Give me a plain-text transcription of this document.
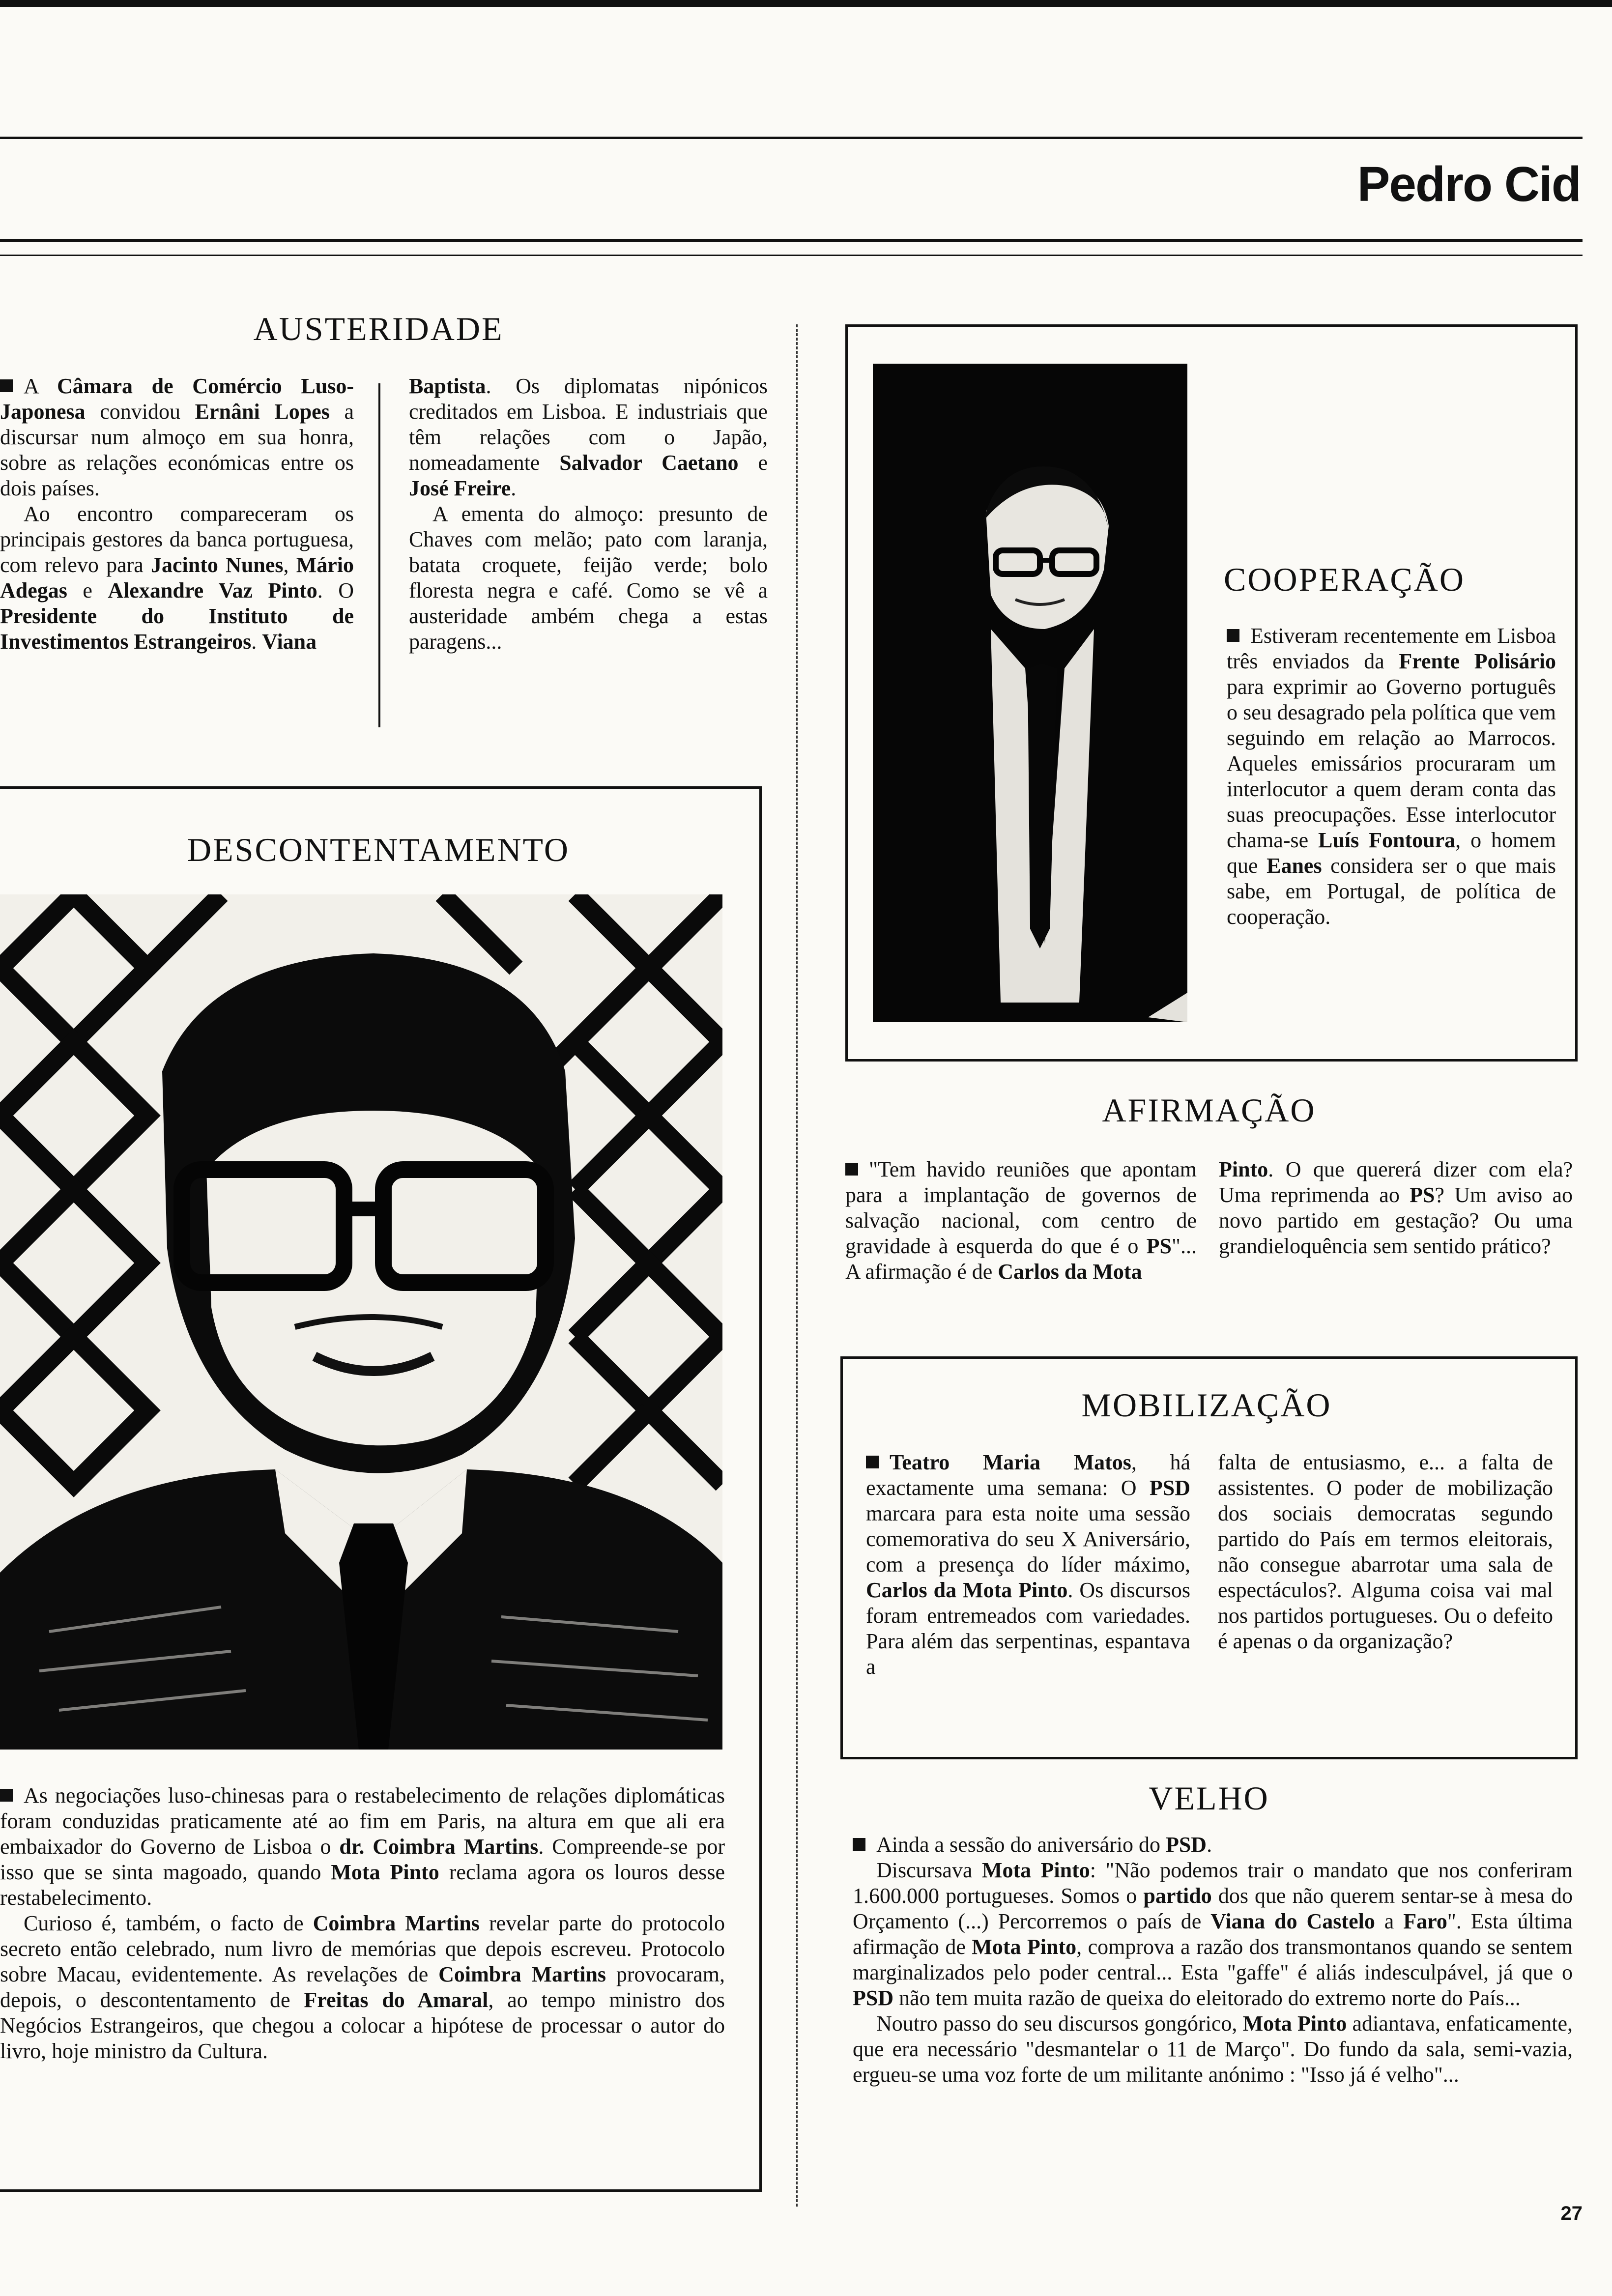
Pedro Cid
AUSTERIDADE

A Câmara de Comércio Luso-Japonesa convidou Ernâni Lopes a discursar num almoço em sua honra, sobre as relações económicas entre os dois países.

Ao encontro compareceram os principais gestores da banca portuguesa, com relevo para Jacinto Nunes, Mário Adegas e Alexandre Vaz Pinto. O Presidente do Instituto de Investimentos Estrangeiros. Viana

Baptista. Os diplomatas nipónicos creditados em Lisboa. E industriais que têm relações com o Japão, nomeadamente Salvador Caetano e José Freire.

A ementa do almoço: presunto de Chaves com melão; pato com laranja, batata croquete, feijão verde; bolo floresta negra e café. Como se vê a austeridade ambém chega a estas paragens...

COOPERAÇÃO

Estiveram recentemente em Lisboa três enviados da Frente Polisário para exprimir ao Governo português o seu desagrado pela política que vem seguindo em relação ao Marrocos. Aqueles emissários procuraram um interlocutor a quem deram conta das suas preocupações. Esse interlocutor chama-se Luís Fontoura, o homem que Eanes considera ser o que mais sabe, em Portugal, de política de cooperação.

DESCONTENTAMENTO

As negociações luso-chinesas para o restabelecimento de relações diplomáticas foram conduzidas praticamente até ao fim em Paris, na altura em que ali era embaixador do Governo de Lisboa o dr. Coimbra Martins. Compreende-se por isso que se sinta magoado, quando Mota Pinto reclama agora os louros desse restabelecimento.

Curioso é, também, o facto de Coimbra Martins revelar parte do protocolo secreto então celebrado, num livro de memórias que depois escreveu. Protocolo sobre Macau, evidentemente. As revelações de Coimbra Martins provocaram, depois, o descontentamento de Freitas do Amaral, ao tempo ministro dos Negócios Estrangeiros, que chegou a colocar a hipótese de processar o autor do livro, hoje ministro da Cultura.

AFIRMAÇÃO

"Tem havido reuniões que apontam para a implantação de governos de salvação nacional, com centro de gravidade à esquerda do que é o PS"... A afirmação é de Carlos da Mota

Pinto. O que quererá dizer com ela? Uma reprimenda ao PS? Um aviso ao novo partido em gestação? Ou uma grandieloquência sem sentido prático?

MOBILIZAÇÃO

Teatro Maria Matos, há exactamente uma semana: O PSD marcara para esta noite uma sessão comemorativa do seu X Aniversário, com a presença do líder máximo, Carlos da Mota Pinto. Os discursos foram entremeados com variedades. Para além das serpentinas, espantava a

falta de entusiasmo, e... a falta de assistentes. O poder de mobilização dos sociais democratas segundo partido do País em termos eleitorais, não consegue abarrotar uma sala de espectáculos?. Alguma coisa vai mal nos partidos portugueses. Ou o defeito é apenas o da organização?

VELHO

Ainda a sessão do aniversário do PSD.

Discursava Mota Pinto: "Não podemos trair o mandato que nos conferiram 1.600.000 portugueses. Somos o partido dos que não querem sentar-se à mesa do Orçamento (...) Percorremos o país de Viana do Castelo a Faro". Esta última afirmação de Mota Pinto, comprova a razão dos transmontanos quando se sentem marginalizados pelo poder central... Esta "gaffe" é aliás indesculpável, já que o PSD não tem muita razão de queixa do eleitorado do extremo norte do País...

Noutro passo do seu discursos gongórico, Mota Pinto adiantava, enfaticamente, que era necessário "desmantelar o 11 de Março". Do fundo da sala, semi-vazia, ergueu-se uma voz forte de um militante anónimo : "Isso já é velho"...

27
